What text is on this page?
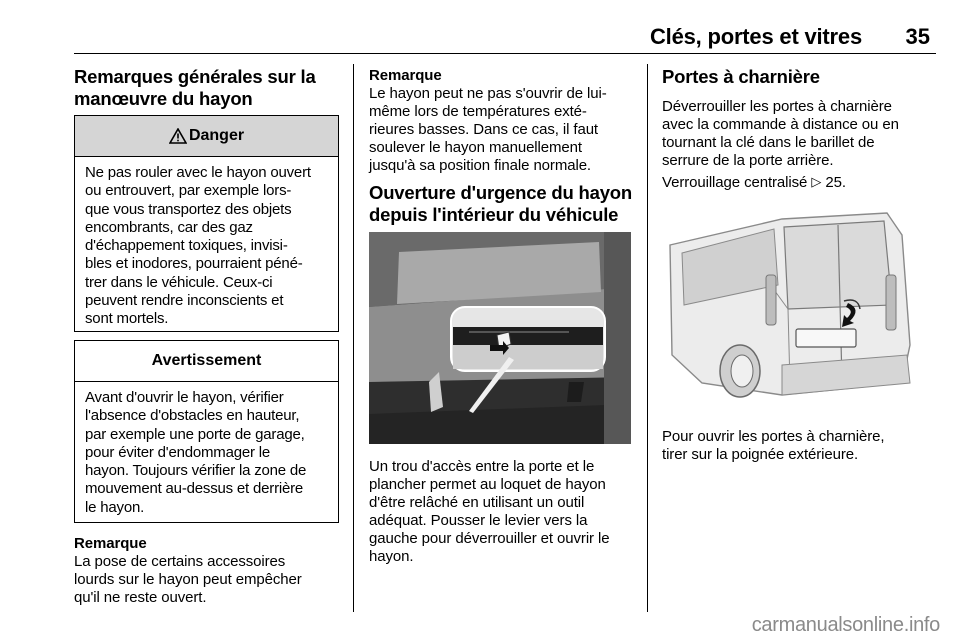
Clés, portes et vitres	35
Remarques générales sur la
manœuvre du hayon
Danger
Ne pas rouler avec le hayon ouvert
ou entrouvert, par exemple lors-
que vous transportez des objets
encombrants, car des gaz
d'échappement toxiques, invisi-
bles et inodores, pourraient péné-
trer dans le véhicule. Ceux-ci
peuvent rendre inconscients et
sont mortels.
Avertissement
Avant d'ouvrir le hayon, vérifier
l'absence d'obstacles en hauteur,
par exemple une porte de garage,
pour éviter d'endommager le
hayon. Toujours vérifier la zone de
mouvement au-dessus et derrière
le hayon.
Remarque
La pose de certains accessoires
lourds sur le hayon peut empêcher
qu'il ne reste ouvert.
Remarque
Le hayon peut ne pas s'ouvrir de lui-
même lors de températures exté-
rieures basses. Dans ce cas, il faut
soulever le hayon manuellement
jusqu'à sa position finale normale.
Ouverture d'urgence du hayon
depuis l'intérieur du véhicule
Un trou d'accès entre la porte et le
plancher permet au loquet de hayon
d'être relâché en utilisant un outil
adéquat. Pousser le levier vers la
gauche pour déverrouiller et ouvrir le
hayon.
Portes à charnière
Déverrouiller les portes à charnière
avec la commande à distance ou en
tournant la clé dans le barillet de
serrure de la porte arrière.
Verrouillage centralisé ▷ 25.
Pour ouvrir les portes à charnière,
tirer sur la poignée extérieure.
carmanualsonline.info
